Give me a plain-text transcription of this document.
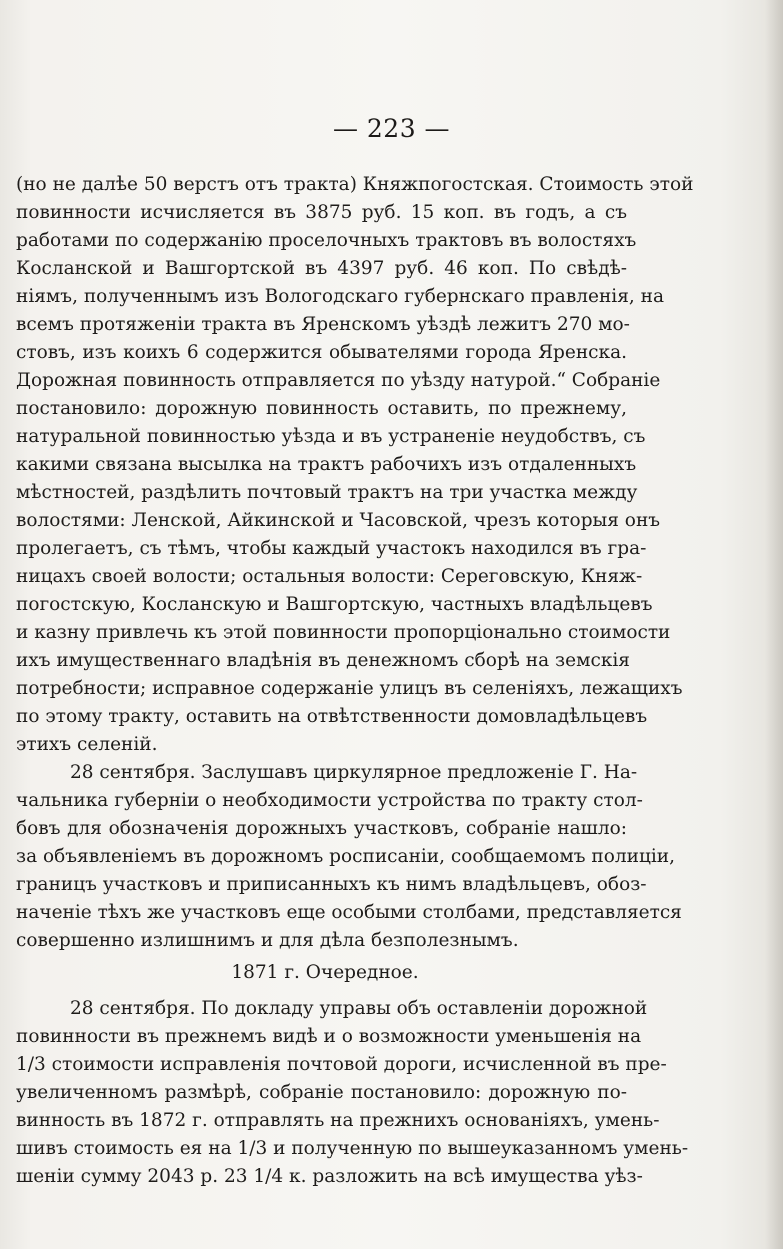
— 223 —
(но не далѣе 50 верстъ отъ тракта) Княжпогостская. Стоимость этой
повинности исчисляется въ 3875 руб. 15 коп. въ годъ, а съ
работами по содержанію проселочныхъ трактовъ въ волостяхъ
Косланской и Вашгортской въ 4397 руб. 46 коп. По свѣдѣ-
ніямъ, полученнымъ изъ Вологодскаго губернскаго правленія, на
всемъ протяженіи тракта въ Яренскомъ уѣздѣ лежитъ 270 мо-
стовъ, изъ коихъ 6 содержится обывателями города Яренска.
Дорожная повинность отправляется по уѣзду натурой.“ Собраніе
постановило: дорожную повинность оставить, по прежнему,
натуральной повинностью уѣзда и въ устраненіе неудобствъ, съ
какими связана высылка на трактъ рабочихъ изъ отдаленныхъ
мѣстностей, раздѣлить почтовый трактъ на три участка между
волостями: Ленской, Айкинской и Часовской, чрезъ которыя онъ
пролегаетъ, съ тѣмъ, чтобы каждый участокъ находился въ гра-
ницахъ своей волости; остальныя волости: Сереговскую, Княж-
погостскую, Косланскую и Вашгортскую, частныхъ владѣльцевъ
и казну привлечь къ этой повинности пропорціонально стоимости
ихъ имущественнаго владѣнія въ денежномъ сборѣ на земскія
потребности; исправное содержаніе улицъ въ селеніяхъ, лежащихъ
по этому тракту, оставить на отвѣтственности домовладѣльцевъ
этихъ селеній.
28 сентября. Заслушавъ циркулярное предложеніе Г. На-
чальника губерніи о необходимости устройства по тракту стол-
бовъ для обозначенія дорожныхъ участковъ, собраніе нашло:
за объявленіемъ въ дорожномъ росписаніи, сообщаемомъ полиціи,
границъ участковъ и приписанныхъ къ нимъ владѣльцевъ, обоз-
наченіе тѣхъ же участковъ еще особыми столбами, представляется
совершенно излишнимъ и для дѣла безполезнымъ.
1871 г. Очередное.
28 сентября. По докладу управы объ оставленіи дорожной
повинности въ прежнемъ видѣ и о возможности уменьшенія на
1/3 стоимости исправленія почтовой дороги, исчисленной въ пре-
увеличенномъ размѣрѣ, собраніе постановило: дорожную по-
винность въ 1872 г. отправлять на прежнихъ основаніяхъ, умень-
шивъ стоимость ея на 1/3 и полученную по вышеуказанномъ умень-
шеніи сумму 2043 р. 23 1/4 к. разложить на всѣ имущества уѣз-
